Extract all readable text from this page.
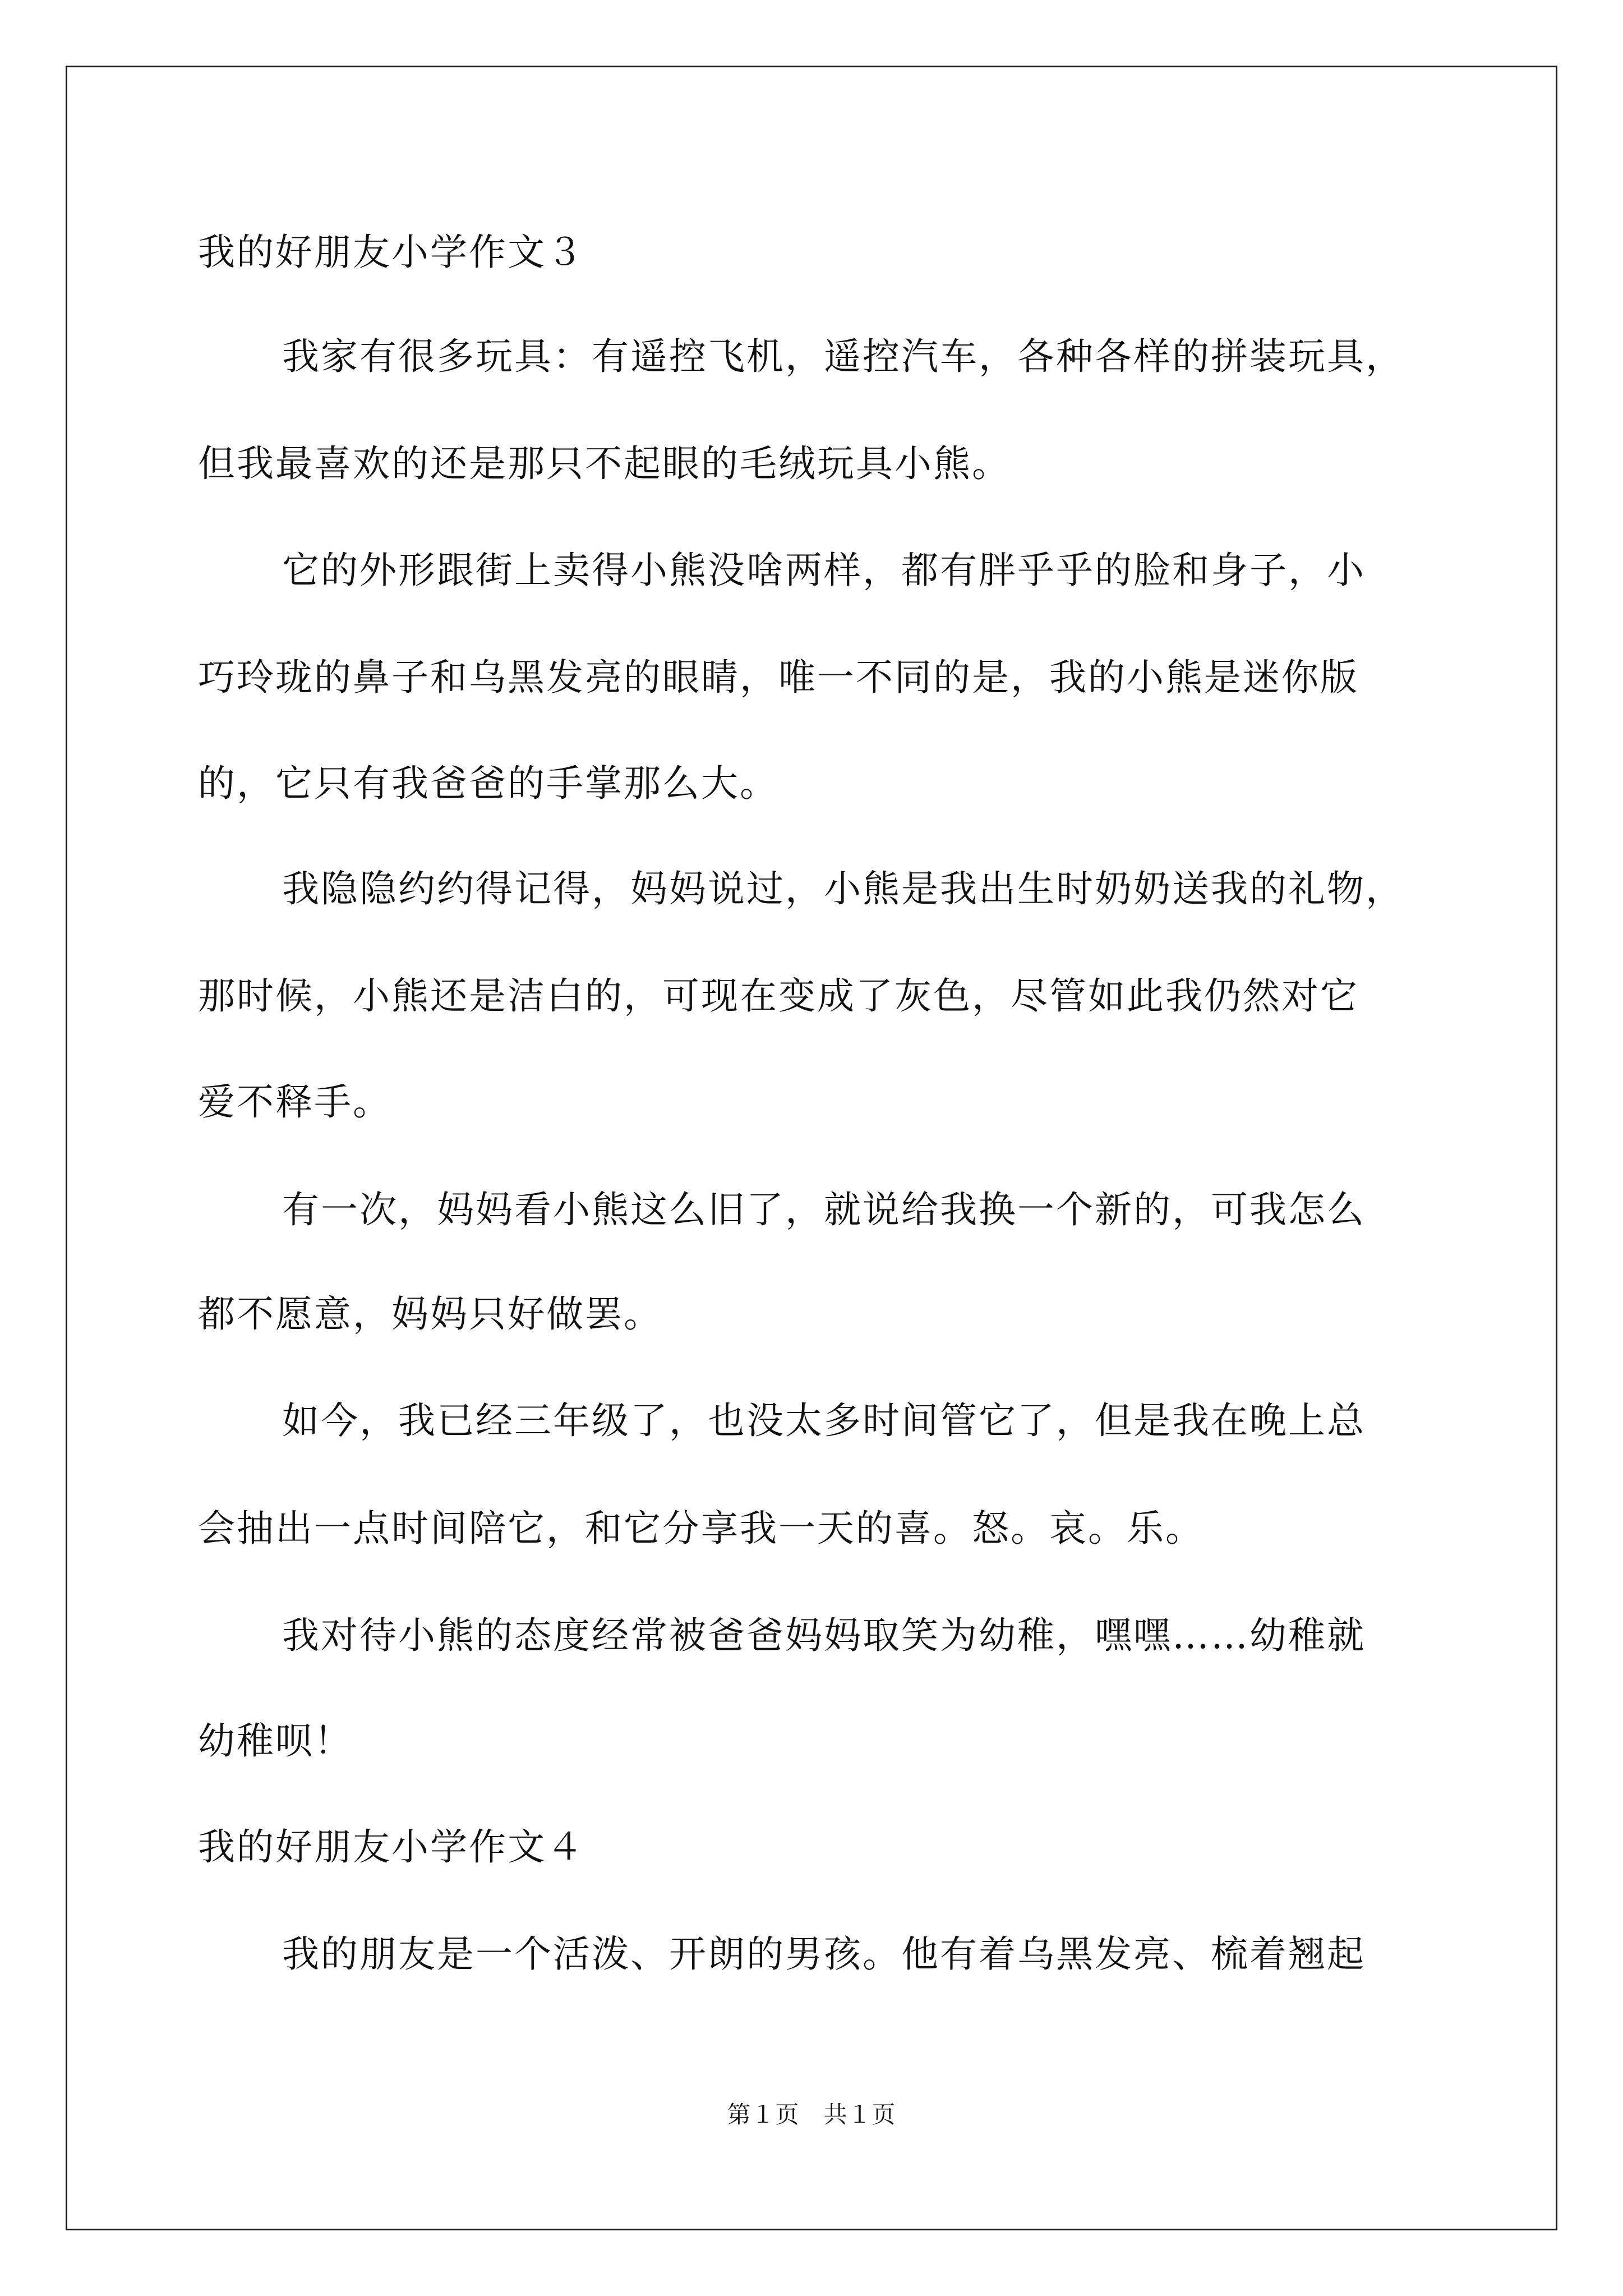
我的好朋友小学作文３
我家有很多玩具：有遥控飞机，遥控汽车，各种各样的拼装玩具，
但我最喜欢的还是那只不起眼的毛绒玩具小熊。
它的外形跟街上卖得小熊没啥两样，都有胖乎乎的脸和身子，小
巧玲珑的鼻子和乌黑发亮的眼睛，唯一不同的是，我的小熊是迷你版
的，它只有我爸爸的手掌那么大。
我隐隐约约得记得，妈妈说过，小熊是我出生时奶奶送我的礼物，
那时候，小熊还是洁白的，可现在变成了灰色，尽管如此我仍然对它
爱不释手。
有一次，妈妈看小熊这么旧了，就说给我换一个新的，可我怎么
都不愿意，妈妈只好做罢。
如今，我已经三年级了，也没太多时间管它了，但是我在晚上总
会抽出一点时间陪它，和它分享我一天的喜。怒。哀。乐。
我对待小熊的态度经常被爸爸妈妈取笑为幼稚，嘿嘿……幼稚就
幼稚呗！
我的好朋友小学作文４
我的朋友是一个活泼、开朗的男孩。他有着乌黑发亮、梳着翘起
第１页　共１页
